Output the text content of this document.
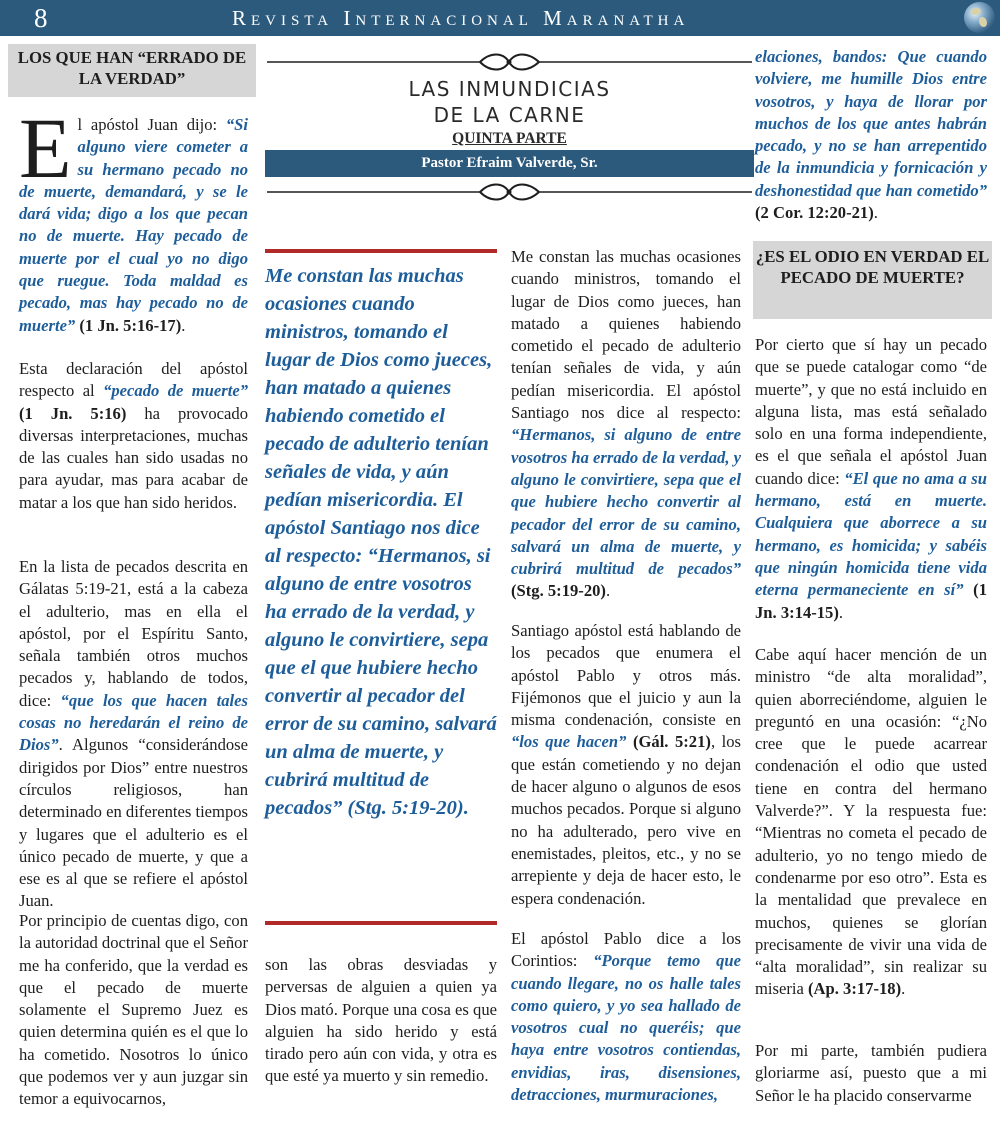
8	Revista Internacional Maranatha
LOS QUE HAN “ERRADO DE LA VERDAD”

El apóstol Juan dijo: “Si alguno viere cometer a su hermano pecado no de muerte, demandará, y se le dará vida; digo a los que pecan no de muerte. Hay pecado de muerte por el cual yo no digo que ruegue. Toda maldad es pecado, mas hay pecado no de muerte” (1 Jn. 5:16-17).

Esta declaración del apóstol respecto al “pecado de muerte” (1 Jn. 5:16) ha provocado diversas interpretaciones, muchas de las cuales han sido usadas no para ayudar, mas para acabar de matar a los que han sido heridos.

En la lista de pecados descrita en Gálatas 5:19-21, está a la cabeza el adulterio, mas en ella el apóstol, por el Espíritu Santo, señala también otros muchos pecados y, hablando de todos, dice: “que los que hacen tales cosas no heredarán el reino de Dios”. Algunos “considerándose dirigidos por Dios” entre nuestros círculos religiosos, han determinado en diferentes tiempos y lugares que el adulterio es el único pecado de muerte, y que a ese es al que se refiere el apóstol Juan.

Por principio de cuentas digo, con la autoridad doctrinal que el Señor me ha conferido, que la verdad es que el pecado de muerte solamente el Supremo Juez es quien determina quién es el que lo ha cometido. Nosotros lo único que podemos ver y aun juzgar sin temor a equivocarnos,

LAS INMUNDICIAS
DE LA CARNE
QUINTA PARTE
Pastor Efraim Valverde, Sr.

Me constan las muchas ocasiones cuando ministros, tomando el lugar de Dios como jueces, han matado a quienes habiendo cometido el pecado de adulterio tenían señales de vida, y aún pedían misericordia. El apóstol Santiago nos dice al respecto: “Hermanos, si alguno de entre vosotros ha errado de la verdad, y alguno le convirtiere, sepa que el que hubiere hecho convertir al pecador del error de su camino, salvará un alma de muerte, y cubrirá multitud de pecados” (Stg. 5:19-20).

son las obras desviadas y perversas de alguien a quien ya Dios mató. Porque una cosa es que alguien ha sido herido y está tirado pero aún con vida, y otra es que esté ya muerto y sin remedio.

Me constan las muchas ocasiones cuando ministros, tomando el lugar de Dios como jueces, han matado a quienes habiendo cometido el pecado de adulterio tenían señales de vida, y aún pedían misericordia. El apóstol Santiago nos dice al respecto: “Hermanos, si alguno de entre vosotros ha errado de la verdad, y alguno le convirtiere, sepa que el que hubiere hecho convertir al pecador del error de su camino, salvará un alma de muerte, y cubrirá multitud de pecados” (Stg. 5:19-20).

Santiago apóstol está hablando de los pecados que enumera el apóstol Pablo y otros más. Fijémonos que el juicio y aun la misma condenación, consiste en “los que hacen” (Gál. 5:21), los que están cometiendo y no dejan de hacer alguno o algunos de esos muchos pecados. Porque si alguno no ha adulterado, pero vive en enemistades, pleitos, etc., y no se arrepiente y deja de hacer esto, le espera condenación.

El apóstol Pablo dice a los Corintios: “Porque temo que cuando llegare, no os halle tales como quiero, y yo sea hallado de vosotros cual no queréis; que haya entre vosotros contiendas, envidias, iras, disensiones, detracciones, murmuraciones,

elaciones, bandos: Que cuando volviere, me humille Dios entre vosotros, y haya de llorar por muchos de los que antes habrán pecado, y no se han arrepentido de la inmundicia y fornicación y deshonestidad que han cometido” (2 Cor. 12:20-21).

¿ES EL ODIO EN VERDAD EL PECADO DE MUERTE?

Por cierto que sí hay un pecado que se puede catalogar como “de muerte”, y que no está incluido en alguna lista, mas está señalado solo en una forma independiente, es el que señala el apóstol Juan cuando dice: “El que no ama a su hermano, está en muerte. Cualquiera que aborrece a su hermano, es homicida; y sabéis que ningún homicida tiene vida eterna permaneciente en sí” (1 Jn. 3:14-15).

Cabe aquí hacer mención de un ministro “de alta moralidad”, quien aborreciéndome, alguien le preguntó en una ocasión: “¿No cree que le puede acarrear condenación el odio que usted tiene en contra del hermano Valverde?”. Y la respuesta fue: “Mientras no cometa el pecado de adulterio, yo no tengo miedo de condenarme por eso otro”. Esta es la mentalidad que prevalece en muchos, quienes se glorían precisamente de vivir una vida de “alta moralidad”, sin realizar su miseria (Ap. 3:17-18).

Por mi parte, también pudiera gloriarme así, puesto que a mi Señor le ha placido conservarme
